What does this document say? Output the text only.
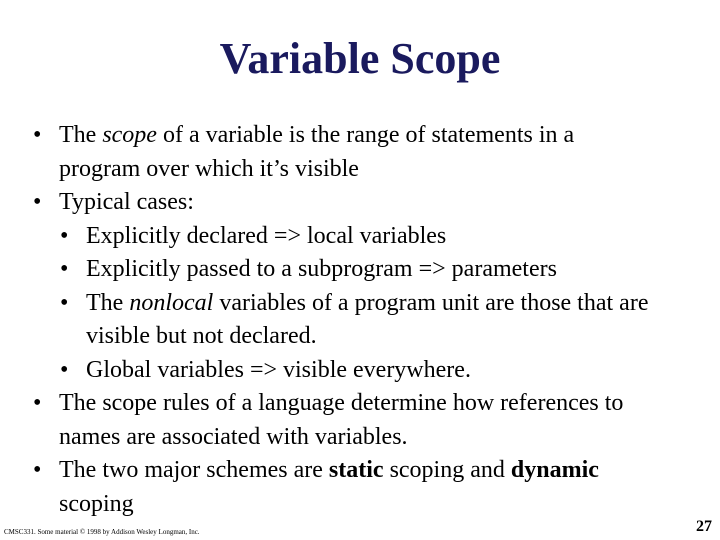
Variable Scope
• The scope of a variable is the range of statements in a program over which it’s visible
• Typical cases:
• Explicitly declared => local variables
• Explicitly passed to a subprogram => parameters
• The nonlocal variables of a program unit are those that are visible but not declared.
• Global variables => visible everywhere.
• The scope rules of a language determine how references to names are associated with variables.
• The two major schemes are static scoping and dynamic scoping
CMSC331. Some material © 1998 by Addison Wesley Longman, Inc.	27
